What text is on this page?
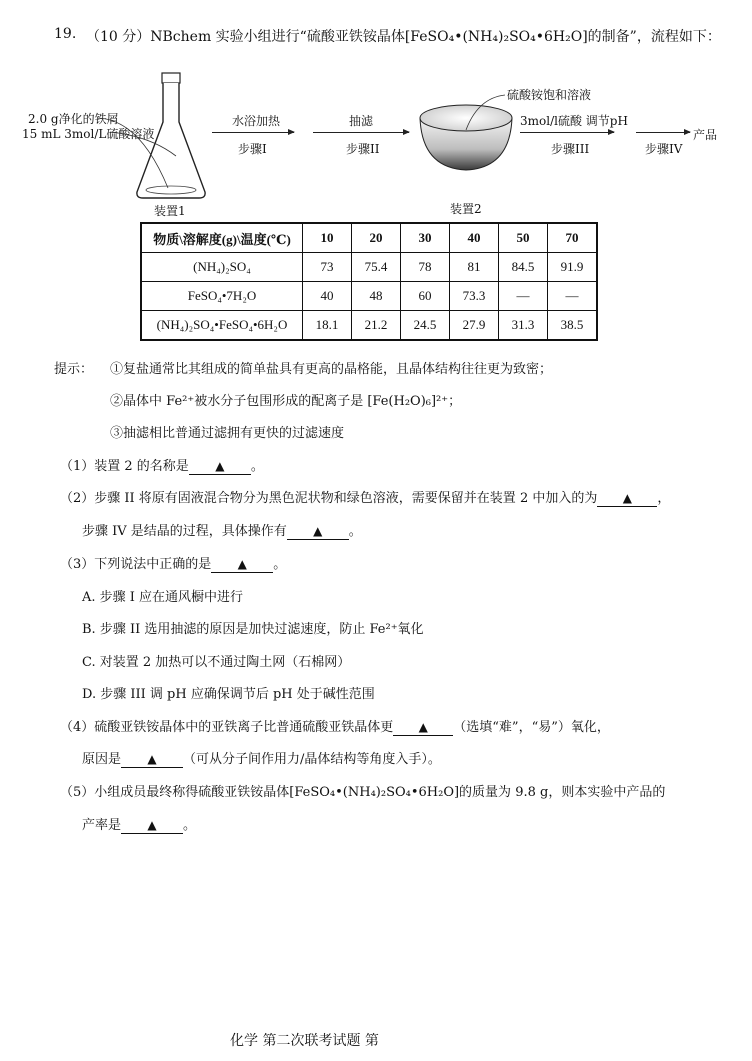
19. （10 分）NBchem 实验小组进行“硫酸亚铁铵晶体[FeSO₄•(NH₄)₂SO₄•6H₂O]的制备”，流程如下：
2.0 g净化的铁屑
15 mL 3mol/L硫酸溶液
水浴加热
步骤I
抽滤
步骤II
硫酸铵饱和溶液
3mol/l硫酸 调节pH
步骤III	步骤IV
产品
装置1	装置2
物质\溶解度(g)\温度(℃)	10	20	30	40	50	70
(NH₄)₂SO₄	73	75.4	78	81	84.5	91.9
FeSO₄•7H₂O	40	48	60	73.3	—	—
(NH₄)₂SO₄•FeSO₄•6H₂O	18.1	21.2	24.5	27.9	31.3	38.5
提示： ①复盐通常比其组成的简单盐具有更高的晶格能，且晶体结构往往更为致密；
②晶体中 Fe²⁺被水分子包围形成的配离子是 [Fe(H₂O)₆]²⁺；
③抽滤相比普通过滤拥有更快的过滤速度
（1）装置 2 的名称是 ▲ 。
（2）步骤 II 将原有固液混合物分为黑色泥状物和绿色溶液，需要保留并在装置 2 中加入的为 ▲ ，
步骤 IV 是结晶的过程，具体操作有 ▲ 。
（3）下列说法中正确的是 ▲ 。
A. 步骤 I 应在通风橱中进行
B. 步骤 II 选用抽滤的原因是加快过滤速度，防止 Fe²⁺氧化
C. 对装置 2 加热可以不通过陶土网（石棉网）
D. 步骤 III 调 pH 应确保调节后 pH 处于碱性范围
（4）硫酸亚铁铵晶体中的亚铁离子比普通硫酸亚铁晶体更 ▲ （选填“难”，“易”）氧化，
原因是 ▲ （可从分子间作用力/晶体结构等角度入手）。
（5）小组成员最终称得硫酸亚铁铵晶体[FeSO₄•(NH₄)₂SO₄•6H₂O]的质量为 9.8 g，则本实验中产品的
产率是 ▲ 。
化学 第二次联考试题 第
